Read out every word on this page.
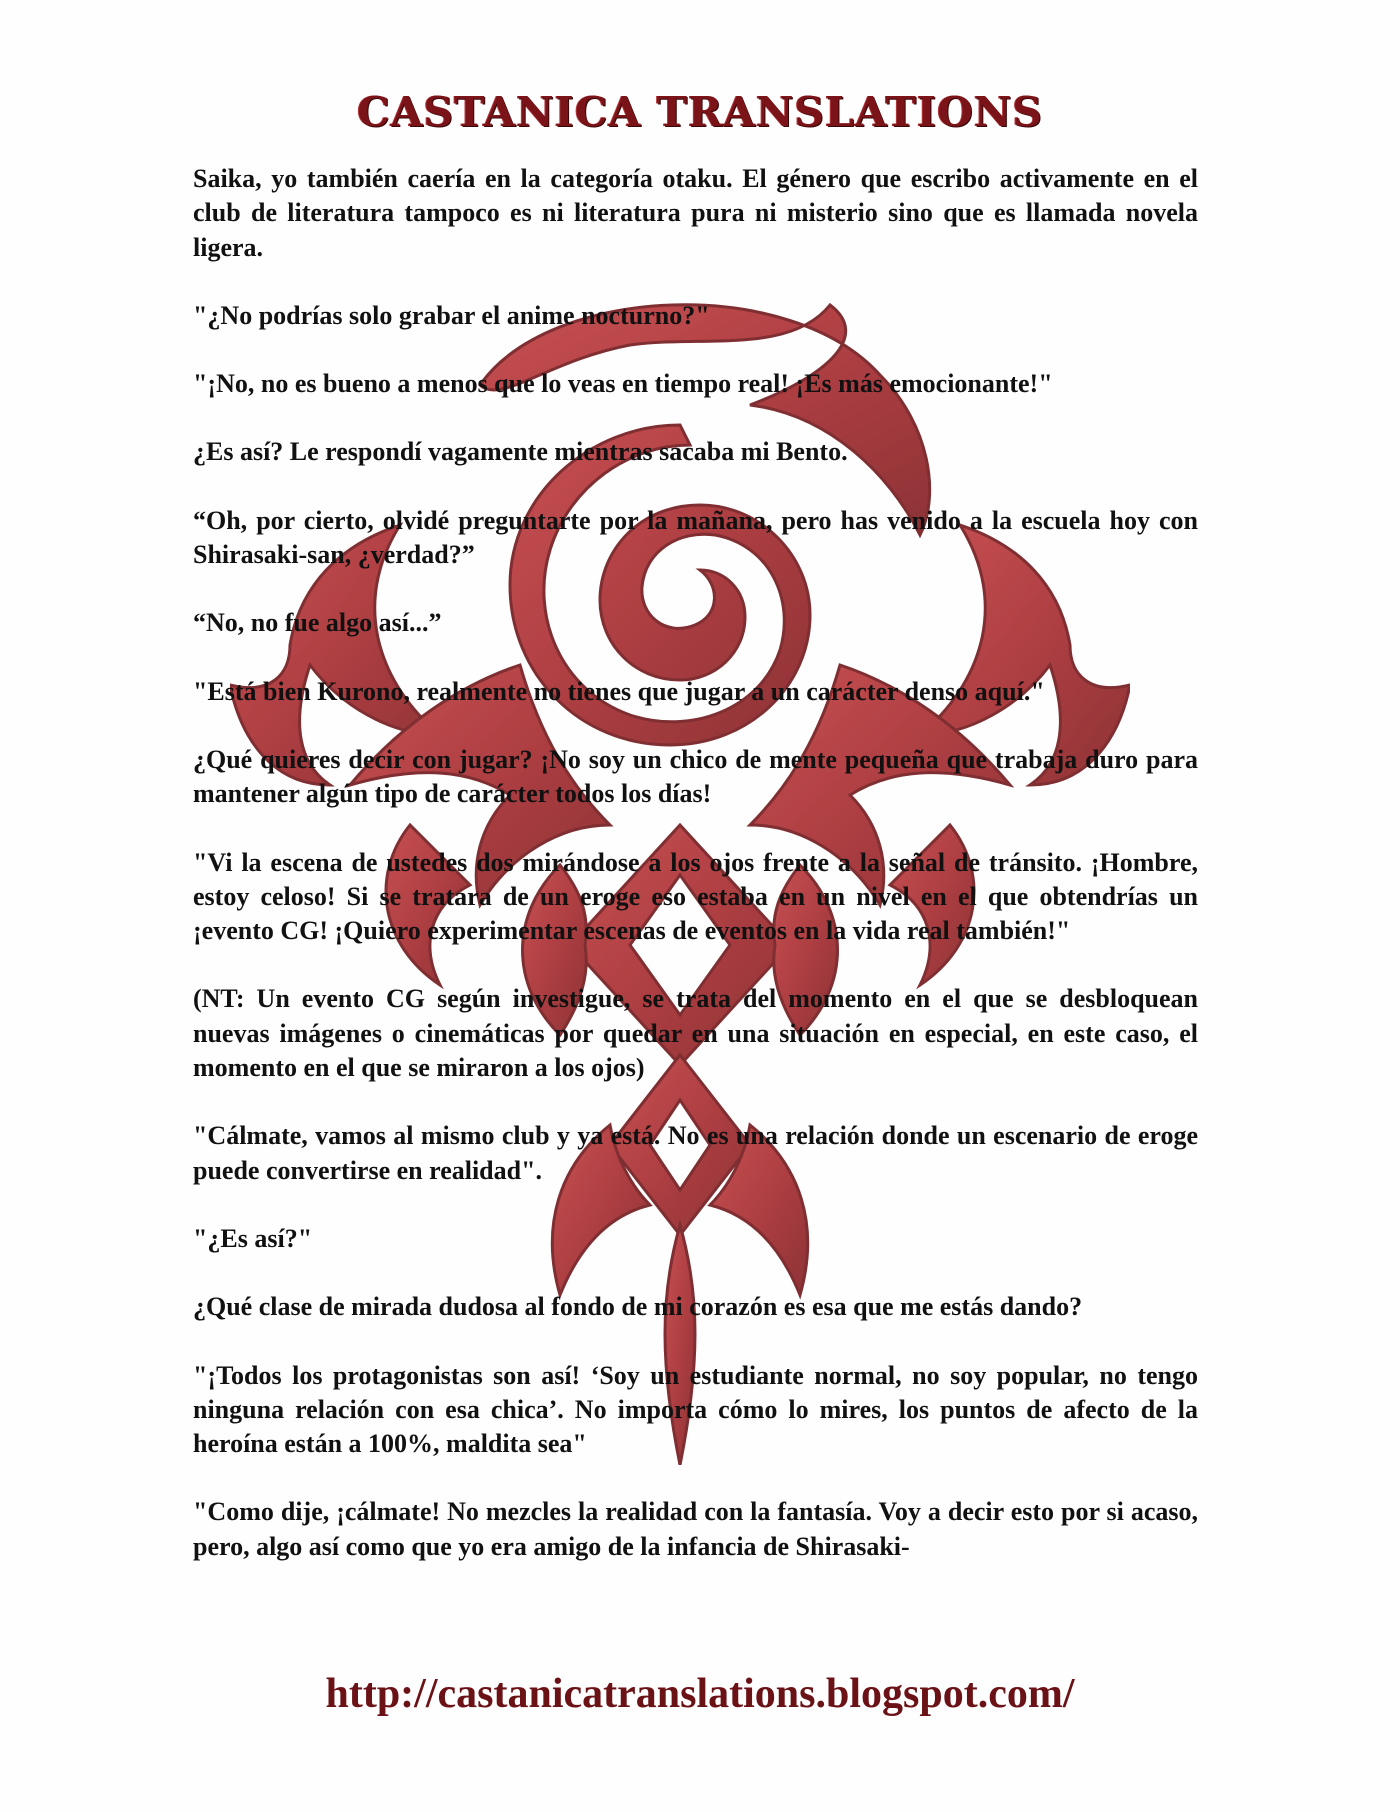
CASTANICA TRANSLATIONS

Saika, yo también caería en la categoría otaku. El género que escribo activamente en el club de literatura tampoco es ni literatura pura ni misterio sino que es llamada novela ligera.

"¿No podrías solo grabar el anime nocturno?"

"¡No, no es bueno a menos que lo veas en tiempo real! ¡Es más emocionante!"

¿Es así? Le respondí vagamente mientras sacaba mi Bento.

“Oh, por cierto, olvidé preguntarte por la mañana, pero has venido a la escuela hoy con Shirasaki-san, ¿verdad?”

“No, no fue algo así...”

"Está bien Kurono, realmente no tienes que jugar a un carácter denso aquí."

¿Qué quieres decir con jugar? ¡No soy un chico de mente pequeña que trabaja duro para mantener algún tipo de carácter todos los días!

"Vi la escena de ustedes dos mirándose a los ojos frente a la señal de tránsito. ¡Hombre, estoy celoso! Si se tratara de un eroge eso estaba en un nivel en el que obtendrías un ¡evento CG! ¡Quiero experimentar escenas de eventos en la vida real también!"

(NT: Un evento CG según investigue, se trata del momento en el que se desbloquean nuevas imágenes o cinemáticas por quedar en una situación en especial, en este caso, el momento en el que se miraron a los ojos)

"Cálmate, vamos al mismo club y ya está. No es una relación donde un escenario de eroge puede convertirse en realidad".

"¿Es así?"

¿Qué clase de mirada dudosa al fondo de mi corazón es esa que me estás dando?

"¡Todos los protagonistas son así! ‘Soy un estudiante normal, no soy popular, no tengo ninguna relación con esa chica’. No importa cómo lo mires, los puntos de afecto de la heroína están a 100%, maldita sea"

"Como dije, ¡cálmate! No mezcles la realidad con la fantasía. Voy a decir esto por si acaso, pero, algo así como que yo era amigo de la infancia de Shirasaki-

http://castanicatranslations.blogspot.com/
